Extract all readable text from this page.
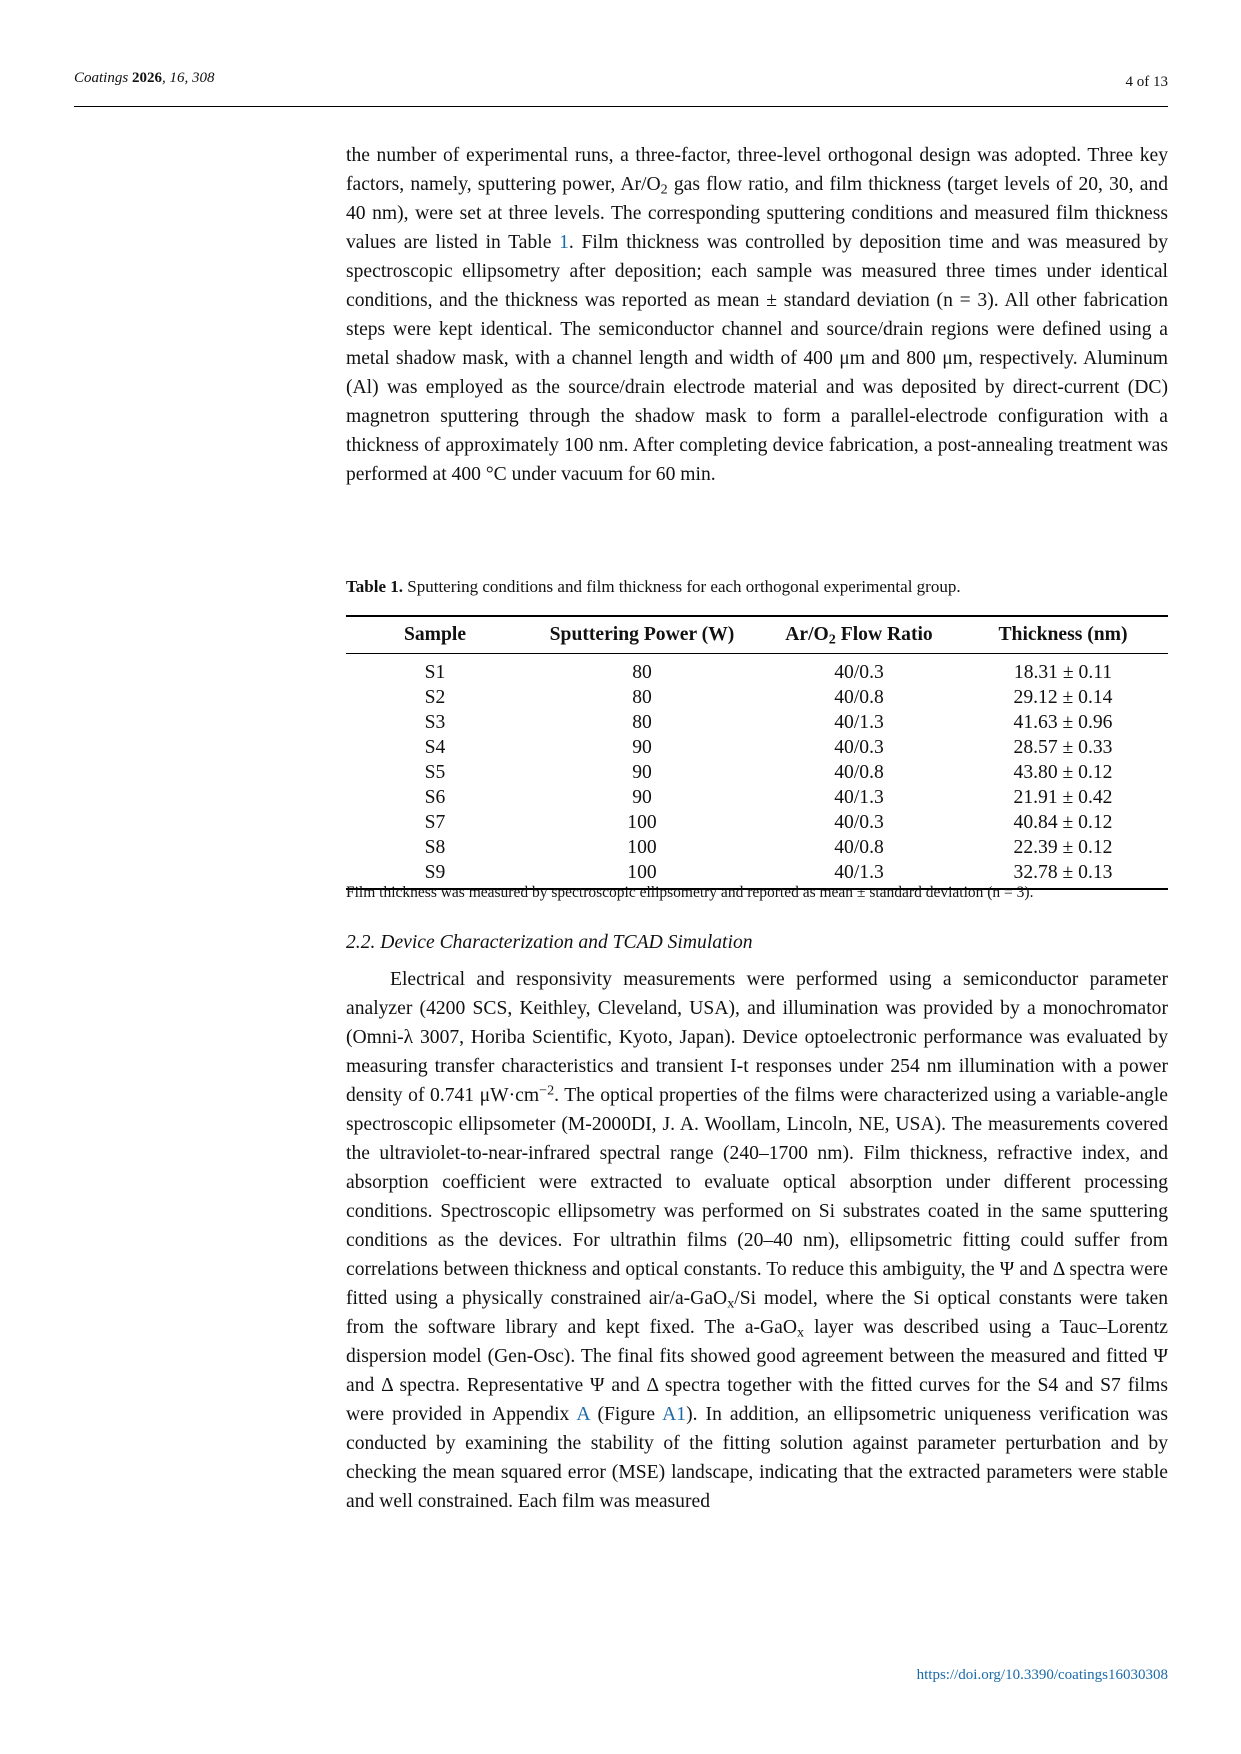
Coatings 2026, 16, 308	4 of 13

the number of experimental runs, a three-factor, three-level orthogonal design was adopted. Three key factors, namely, sputtering power, $Ar/O_2$ gas flow ratio, and film thickness (target levels of 20, 30, and 40 nm), were set at three levels. The corresponding sputtering conditions and measured film thickness values are listed in Table 1. Film thickness was controlled by deposition time and was measured by spectroscopic ellipsometry after deposition; each sample was measured three times under identical conditions, and the thickness was reported as mean ± standard deviation (n = 3). All other fabrication steps were kept identical. The semiconductor channel and source/drain regions were defined using a metal shadow mask, with a channel length and width of 400 μm and 800 μm, respectively. Aluminum (Al) was employed as the source/drain electrode material and was deposited by direct-current (DC) magnetron sputtering through the shadow mask to form a parallel-electrode configuration with a thickness of approximately 100 nm. After completing device fabrication, a post-annealing treatment was performed at 400 °C under vacuum for 60 min.

Table 1. Sputtering conditions and film thickness for each orthogonal experimental group.
Sample	Sputtering Power (W)	$Ar/O_2$ Flow Ratio	Thickness (nm)
S1	80	40/0.3	18.31 ± 0.11
S2	80	40/0.8	29.12 ± 0.14
S3	80	40/1.3	41.63 ± 0.96
S4	90	40/0.3	28.57 ± 0.33
S5	90	40/0.8	43.80 ± 0.12
S6	90	40/1.3	21.91 ± 0.42
S7	100	40/0.3	40.84 ± 0.12
S8	100	40/0.8	22.39 ± 0.12
S9	100	40/1.3	32.78 ± 0.13
Film thickness was measured by spectroscopic ellipsometry and reported as mean ± standard deviation (n = 3).
2.2. Device Characterization and TCAD Simulation

Electrical and responsivity measurements were performed using a semiconductor parameter analyzer (4200 SCS, Keithley, Cleveland, USA), and illumination was provided by a monochromator (Omni-λ 3007, Horiba Scientific, Kyoto, Japan). Device optoelectronic performance was evaluated by measuring transfer characteristics and transient I-t responses under 254 nm illumination with a power density of 0.741 $\mu W\cdot cm^{-2}$. The optical properties of the films were characterized using a variable-angle spectroscopic ellipsometer (M-2000DI, J. A. Woollam, Lincoln, NE, USA). The measurements covered the ultraviolet-to-near-infrared spectral range (240–1700 nm). Film thickness, refractive index, and absorption coefficient were extracted to evaluate optical absorption under different processing conditions. Spectroscopic ellipsometry was performed on Si substrates coated in the same sputtering conditions as the devices. For ultrathin films (20–40 nm), ellipsometric fitting could suffer from correlations between thickness and optical constants. To reduce this ambiguity, the Ψ and Δ spectra were fitted using a physically constrained air/a-GaO$_x$/Si model, where the Si optical constants were taken from the software library and kept fixed. The a-GaO$_x$ layer was described using a Tauc–Lorentz dispersion model (Gen-Osc). The final fits showed good agreement between the measured and fitted Ψ and Δ spectra. Representative Ψ and Δ spectra together with the fitted curves for the S4 and S7 films were provided in Appendix A (Figure A1). In addition, an ellipsometric uniqueness verification was conducted by examining the stability of the fitting solution against parameter perturbation and by checking the mean squared error (MSE) landscape, indicating that the extracted parameters were stable and well constrained. Each film was measured

https://doi.org/10.3390/coatings16030308
